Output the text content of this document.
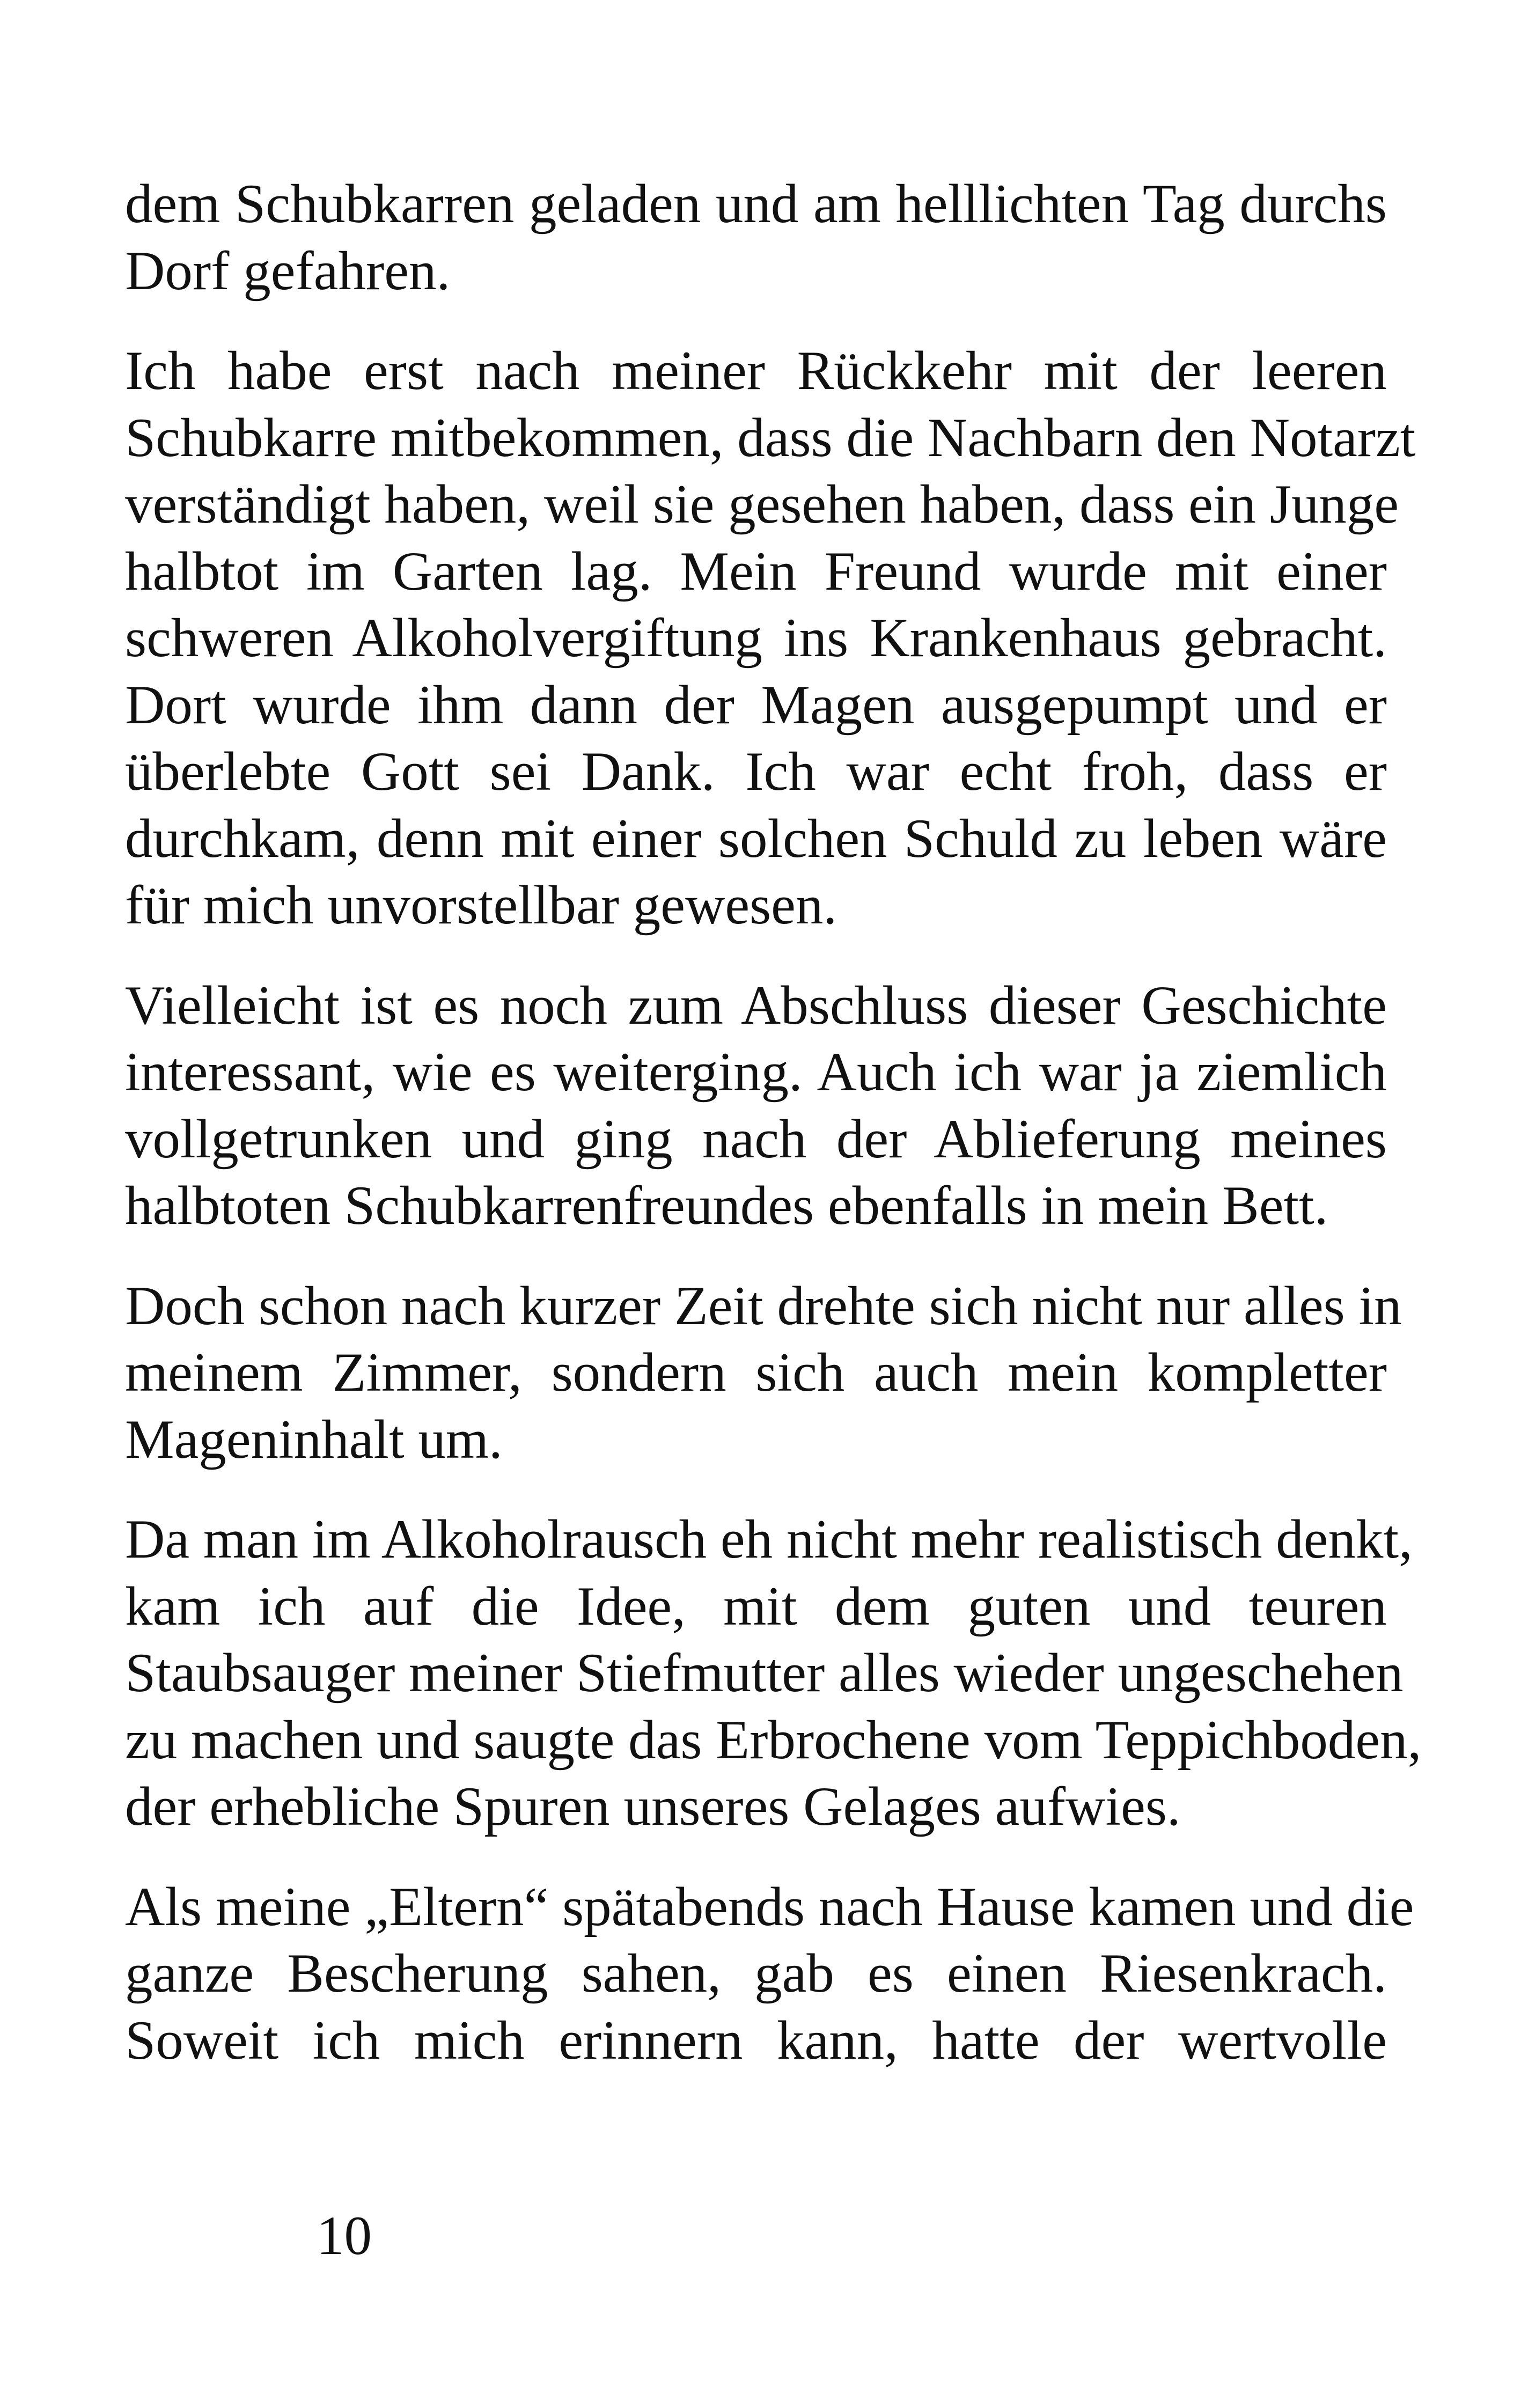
dem Schubkarren geladen und am helllichten Tag durchs
Dorf gefahren.

Ich habe erst nach meiner Rückkehr mit der leeren
Schubkarre mitbekommen, dass die Nachbarn den Notarzt
verständigt haben, weil sie gesehen haben, dass ein Junge
halbtot im Garten lag. Mein Freund wurde mit einer
schweren Alkoholvergiftung ins Krankenhaus gebracht.
Dort wurde ihm dann der Magen ausgepumpt und er
überlebte Gott sei Dank. Ich war echt froh, dass er
durchkam, denn mit einer solchen Schuld zu leben wäre
für mich unvorstellbar gewesen.

Vielleicht ist es noch zum Abschluss dieser Geschichte
interessant, wie es weiterging. Auch ich war ja ziemlich
vollgetrunken und ging nach der Ablieferung meines
halbtoten Schubkarrenfreundes ebenfalls in mein Bett.

Doch schon nach kurzer Zeit drehte sich nicht nur alles in
meinem Zimmer, sondern sich auch mein kompletter
Mageninhalt um.

Da man im Alkoholrausch eh nicht mehr realistisch denkt,
kam ich auf die Idee, mit dem guten und teuren
Staubsauger meiner Stiefmutter alles wieder ungeschehen
zu machen und saugte das Erbrochene vom Teppichboden,
der erhebliche Spuren unseres Gelages aufwies.

Als meine „Eltern“ spätabends nach Hause kamen und die
ganze Bescherung sahen, gab es einen Riesenkrach.
Soweit ich mich erinnern kann, hatte der wertvolle

10
